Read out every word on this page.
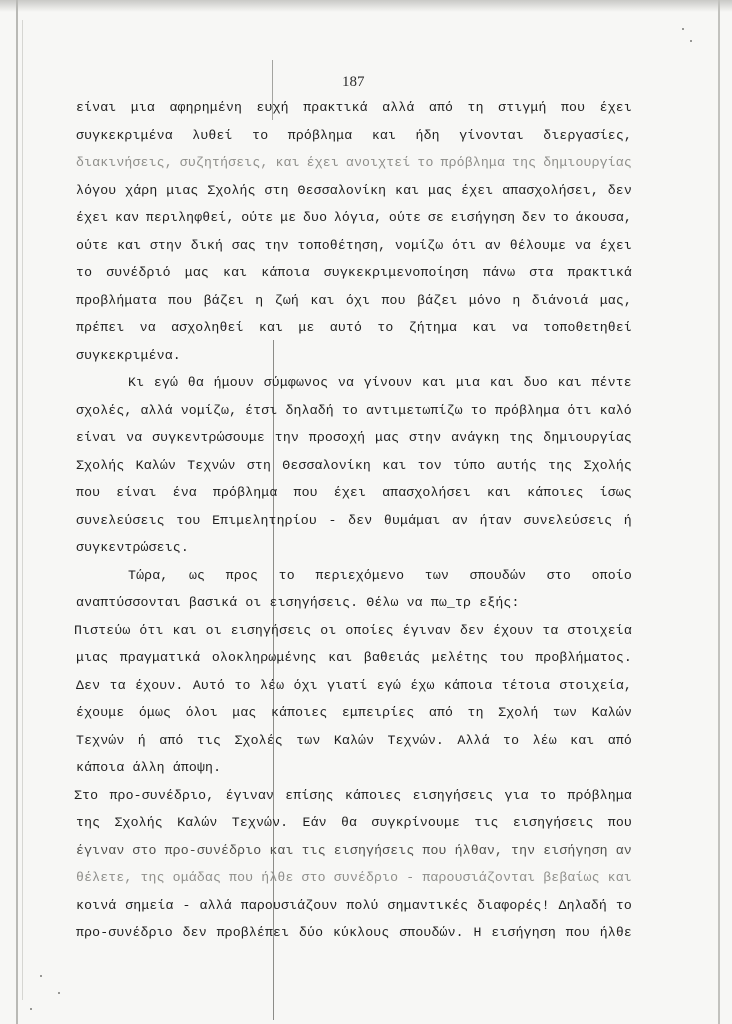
187
είναι μια αφηρημένη ευχή πρακτικά αλλά από τη στιγμή που έχει
συγκεκριμένα λυθεί το πρόβλημα και ήδη γίνονται διεργασίες,
διακινήσεις, συζητήσεις, και έχει ανοιχτεί το πρόβλημα της δημιουργίας
λόγου χάρη μιας Σχολής στη Θεσσαλονίκη και μας έχει απασχολήσει, δεν
έχει καν περιληφθεί, ούτε με δυο λόγια, ούτε σε εισήγηση δεν το άκουσα,
ούτε και στην δική σας την τοποθέτηση, νομίζω ότι αν θέλουμε να έχει
το συνέδριό μας και κάποια συγκεκριμενοποίηση πάνω στα πρακτικά
προβλήματα που βάζει η ζωή και όχι που βάζει μόνο η διάνοιά μας,
πρέπει να ασχοληθεί και με αυτό το ζήτημα και να τοποθετηθεί
συγκεκριμένα.
Κι εγώ θα ήμουν σύμφωνος να γίνουν και μια και δυο και πέντε
σχολές, αλλά νομίζω, έτσι δηλαδή το αντιμετωπίζω το πρόβλημα ότι καλό
είναι να συγκεντρώσουμε την προσοχή μας στην ανάγκη της δημιουργίας
Σχολής Καλών Τεχνών στη Θεσσαλονίκη και τον τύπο αυτής της Σχολής
που είναι ένα πρόβλημα που έχει απασχολήσει και κάποιες ίσως
συνελεύσεις του Επιμελητηρίου - δεν θυμάμαι αν ήταν συνελεύσεις ή
συγκεντρώσεις.
Τώρα, ως προς το περιεχόμενο των σπουδών στο οποίο
αναπτύσσονται βασικά οι εισηγήσεις. Θέλω να πω_τρ εξής:
Πιστεύω ότι και οι εισηγήσεις οι οποίες έγιναν δεν έχουν τα στοιχεία
μιας πραγματικά ολοκληρωμένης και βαθειάς μελέτης του προβλήματος.
Δεν τα έχουν. Αυτό το λέω όχι γιατί εγώ έχω κάποια τέτοια στοιχεία,
έχουμε όμως όλοι μας κάποιες εμπειρίες από τη Σχολή των Καλών
Τεχνών ή από τις Σχολές των Καλών Τεχνών. Αλλά το λέω και από
κάποια άλλη άποψη.
Στο προ-συνέδριο, έγιναν επίσης κάποιες εισηγήσεις για το πρόβλημα
της Σχολής Καλών Τεχνών. Εάν θα συγκρίνουμε τις εισηγήσεις που
έγιναν στο προ-συνέδριο και τις εισηγήσεις που ήλθαν, την εισήγηση αν
θέλετε, της ομάδας που ήλθε στο συνέδριο - παρουσιάζονται βεβαίως και
κοινά σημεία - αλλά παρουσιάζουν πολύ σημαντικές διαφορές! Δηλαδή το
προ-συνέδριο δεν προβλέπει δύο κύκλους σπουδών. Η εισήγηση που ήλθε
